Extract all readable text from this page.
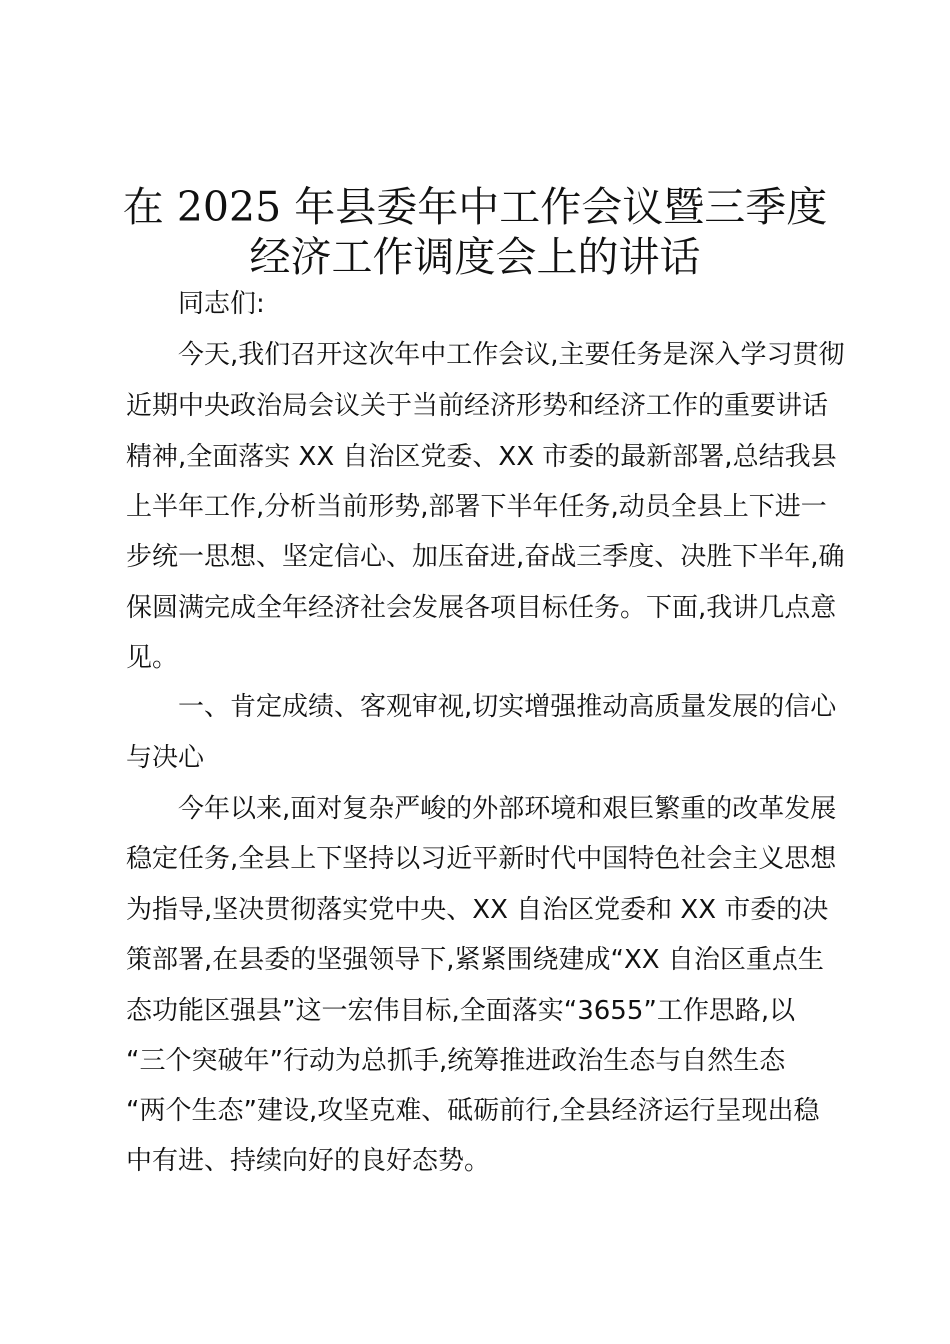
在 2025 年县委年中工作会议暨三季度
经济工作调度会上的讲话
同志们:
今天,我们召开这次年中工作会议,主要任务是深入学习贯彻
近期中央政治局会议关于当前经济形势和经济工作的重要讲话
精神,全面落实 XX 自治区党委、XX 市委的最新部署,总结我县
上半年工作,分析当前形势,部署下半年任务,动员全县上下进一
步统一思想、坚定信心、加压奋进,奋战三季度、决胜下半年,确
保圆满完成全年经济社会发展各项目标任务。下面,我讲几点意
见。
一、肯定成绩、客观审视,切实增强推动高质量发展的信心
与决心
今年以来,面对复杂严峻的外部环境和艰巨繁重的改革发展
稳定任务,全县上下坚持以习近平新时代中国特色社会主义思想
为指导,坚决贯彻落实党中央、XX 自治区党委和 XX 市委的决
策部署,在县委的坚强领导下,紧紧围绕建成“XX 自治区重点生
态功能区强县”这一宏伟目标,全面落实“3655”工作思路,以
“三个突破年”行动为总抓手,统筹推进政治生态与自然生态
“两个生态”建设,攻坚克难、砥砺前行,全县经济运行呈现出稳
中有进、持续向好的良好态势。
